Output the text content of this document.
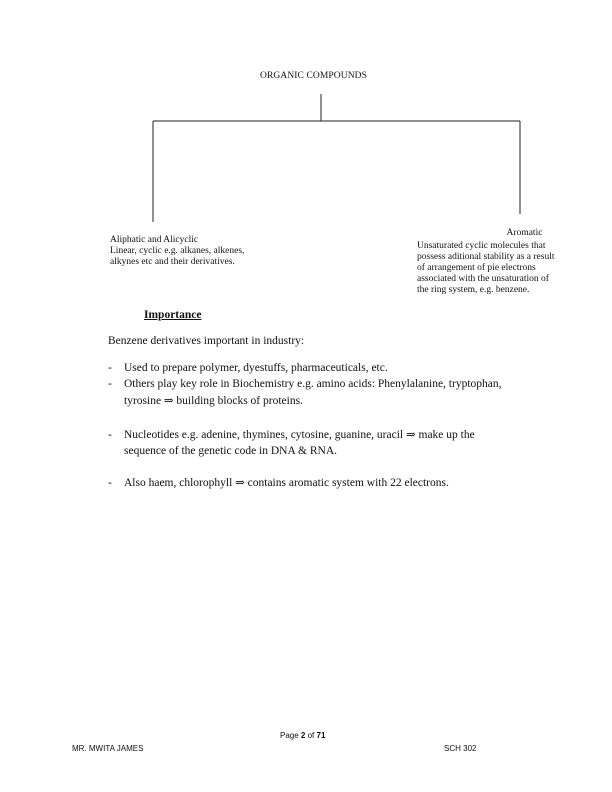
ORGANIC COMPOUNDS
Aliphatic and Alicyclic
Linear, cyclic e.g. alkanes, alkenes,
alkynes etc and their derivatives.
Aromatic
Unsaturated cyclic molecules that
possess aditional stability as a result
of arrangement of pie electrons
associated with the unsaturation of
the ring system, e.g. benzene.
Importance
Benzene derivatives important in industry:
- Used to prepare polymer, dyestuffs, pharmaceuticals, etc.
- Others play key role in Biochemistry e.g. amino acids: Phenylalanine, tryptophan,
tyrosine ⇒ building blocks of proteins.
- Nucleotides e.g. adenine, thymines, cytosine, guanine, uracil ⇒ make up the
sequence of the genetic code in DNA & RNA.
- Also haem, chlorophyll ⇒ contains aromatic system with 22 electrons.
Page 2 of 71
MR. MWITA JAMES	SCH 302
